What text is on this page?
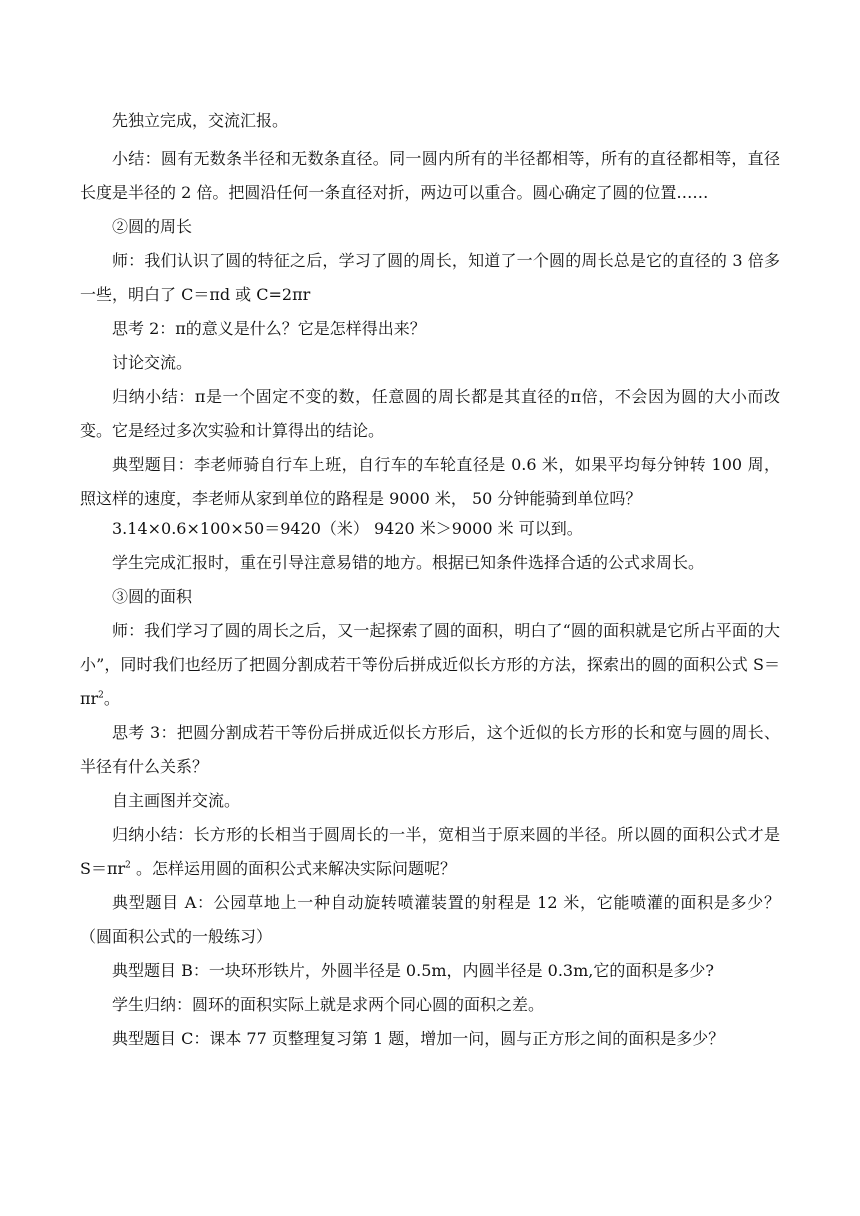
先独立完成，交流汇报。
小结：圆有无数条半径和无数条直径。同一圆内所有的半径都相等，所有的直径都相等，直径长度是半径的 2 倍。把圆沿任何一条直径对折，两边可以重合。圆心确定了圆的位置……
②圆的周长
师：我们认识了圆的特征之后，学习了圆的周长，知道了一个圆的周长总是它的直径的 3 倍多一些，明白了 C＝πd 或 C=2πr
思考 2：π的意义是什么？它是怎样得出来？
讨论交流。
归纳小结：π是一个固定不变的数，任意圆的周长都是其直径的π倍，不会因为圆的大小而改变。它是经过多次实验和计算得出的结论。
典型题目：李老师骑自行车上班，自行车的车轮直径是 0.6 米，如果平均每分钟转 100 周，照这样的速度，李老师从家到单位的路程是 9000 米， 50 分钟能骑到单位吗？
3.14×0.6×100×50＝9420（米） 9420 米＞9000 米 可以到。
学生完成汇报时，重在引导注意易错的地方。根据已知条件选择合适的公式求周长。
③圆的面积
师：我们学习了圆的周长之后，又一起探索了圆的面积，明白了“圆的面积就是它所占平面的大小”，同时我们也经历了把圆分割成若干等份后拼成近似长方形的方法，探索出的圆的面积公式 $S=\pi r^2$。
思考 3：把圆分割成若干等份后拼成近似长方形后，这个近似的长方形的长和宽与圆的周长、半径有什么关系？
自主画图并交流。
归纳小结：长方形的长相当于圆周长的一半，宽相当于原来圆的半径。所以圆的面积公式才是 $S=\pi r^2$ 。怎样运用圆的面积公式来解决实际问题呢？
典型题目 A：公园草地上一种自动旋转喷灌装置的射程是 12 米，它能喷灌的面积是多少？（圆面积公式的一般练习）
典型题目 B：一块环形铁片，外圆半径是 0.5m，内圆半径是 0.3m,它的面积是多少?
学生归纳：圆环的面积实际上就是求两个同心圆的面积之差。
典型题目 C：课本 77 页整理复习第 1 题，增加一问，圆与正方形之间的面积是多少？
